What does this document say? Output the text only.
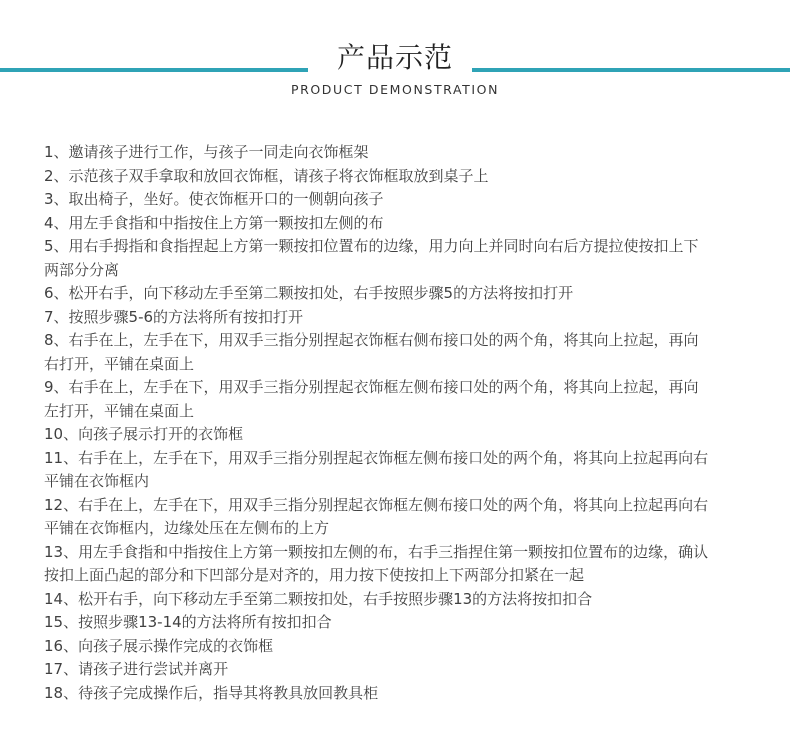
产品示范
PRODUCT DEMONSTRATION
1、邀请孩子进行工作，与孩子一同走向衣饰框架
2、示范孩子双手拿取和放回衣饰框，请孩子将衣饰框取放到桌子上
3、取出椅子，坐好。使衣饰框开口的一侧朝向孩子
4、用左手食指和中指按住上方第一颗按扣左侧的布
5、用右手拇指和食指捏起上方第一颗按扣位置布的边缘，用力向上并同时向右后方提拉使按扣上下两部分分离
6、松开右手，向下移动左手至第二颗按扣处，右手按照步骤5的方法将按扣打开
7、按照步骤5-6的方法将所有按扣打开
8、右手在上，左手在下，用双手三指分别捏起衣饰框右侧布接口处的两个角，将其向上拉起，再向右打开，平铺在桌面上
9、右手在上，左手在下，用双手三指分别捏起衣饰框左侧布接口处的两个角，将其向上拉起，再向左打开，平铺在桌面上
10、向孩子展示打开的衣饰框
11、右手在上，左手在下，用双手三指分别捏起衣饰框左侧布接口处的两个角，将其向上拉起再向右平铺在衣饰框内
12、右手在上，左手在下，用双手三指分别捏起衣饰框左侧布接口处的两个角，将其向上拉起再向右平铺在衣饰框内，边缘处压在左侧布的上方
13、用左手食指和中指按住上方第一颗按扣左侧的布，右手三指捏住第一颗按扣位置布的边缘，确认按扣上面凸起的部分和下凹部分是对齐的，用力按下使按扣上下两部分扣紧在一起
14、松开右手，向下移动左手至第二颗按扣处，右手按照步骤13的方法将按扣扣合
15、按照步骤13-14的方法将所有按扣扣合
16、向孩子展示操作完成的衣饰框
17、请孩子进行尝试并离开
18、待孩子完成操作后，指导其将教具放回教具柜
